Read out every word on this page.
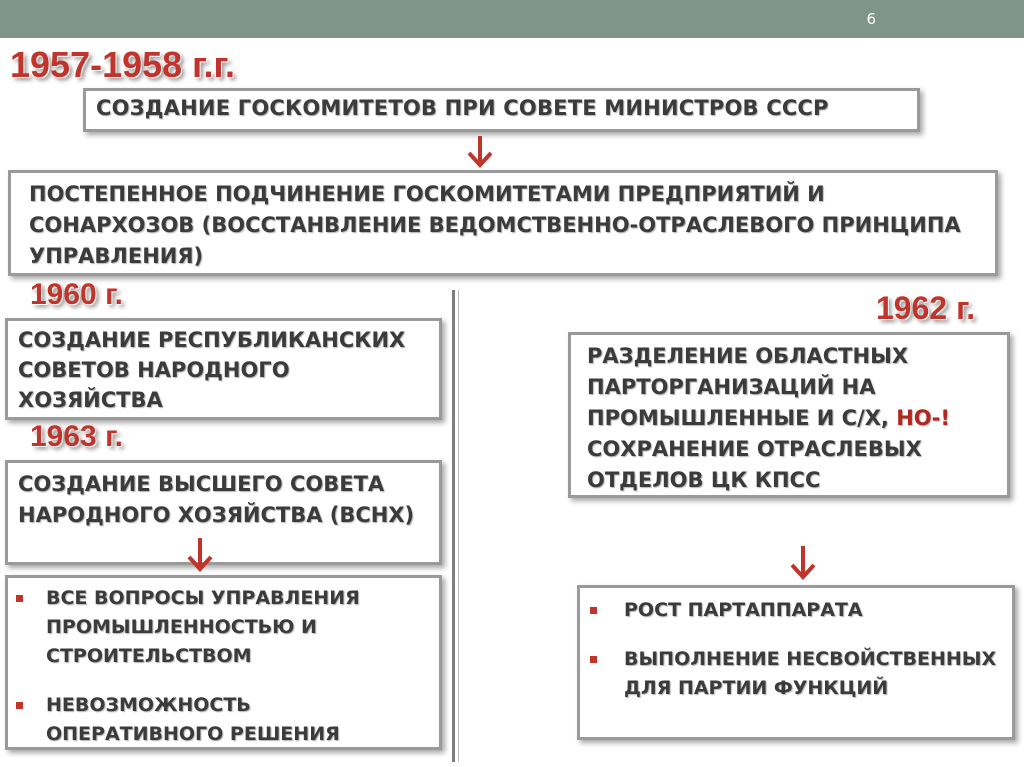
6
1957-1958 г.г.
СОЗДАНИЕ ГОСКОМИТЕТОВ ПРИ СОВЕТЕ МИНИСТРОВ СССР
ПОСТЕПЕННОЕ ПОДЧИНЕНИЕ ГОСКОМИТЕТАМИ ПРЕДПРИЯТИЙ И СОНАРХОЗОВ (ВОССТАНВЛЕНИЕ ВЕДОМСТВЕННО-ОТРАСЛЕВОГО ПРИНЦИПА УПРАВЛЕНИЯ)
1960 г.
СОЗДАНИЕ РЕСПУБЛИКАНСКИХ СОВЕТОВ НАРОДНОГО ХОЗЯЙСТВА
1963 г.
СОЗДАНИЕ ВЫСШЕГО СОВЕТА НАРОДНОГО ХОЗЯЙСТВА (ВСНХ)
ВСЕ ВОПРОСЫ УПРАВЛЕНИЯ ПРОМЫШЛЕННОСТЬЮ И СТРОИТЕЛЬСТВОМ
НЕВОЗМОЖНОСТЬ ОПЕРАТИВНОГО РЕШЕНИЯ
1962 г.
РАЗДЕЛЕНИЕ ОБЛАСТНЫХ ПАРТОРГАНИЗАЦИЙ НА ПРОМЫШЛЕННЫЕ И С/Х, НО-! СОХРАНЕНИЕ ОТРАСЛЕВЫХ ОТДЕЛОВ ЦК КПСС
РОСТ ПАРТАППАРАТА
ВЫПОЛНЕНИЕ НЕСВОЙСТВЕННЫХ ДЛЯ ПАРТИИ ФУНКЦИЙ
